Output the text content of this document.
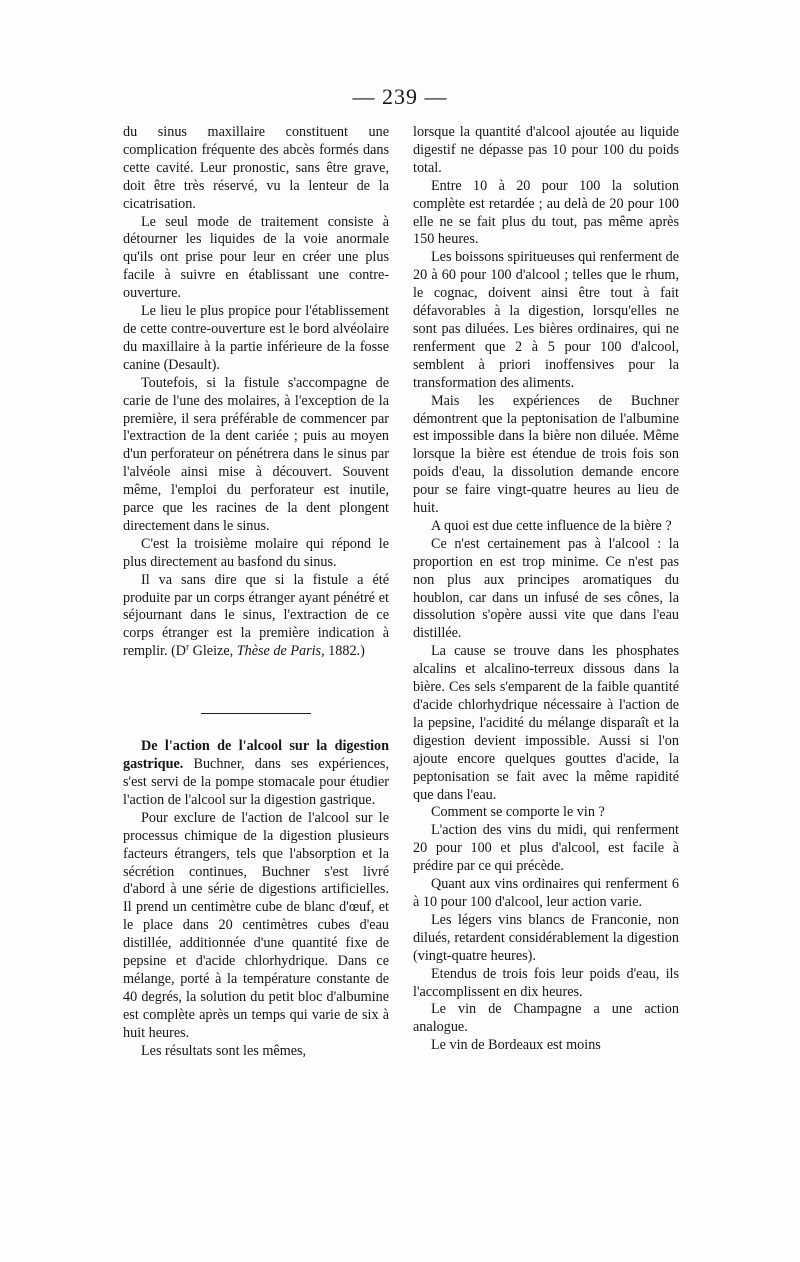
— 239 —

du sinus maxillaire constituent une complication fréquente des abcès formés dans cette cavité. Leur pronostic, sans être grave, doit être très réservé, vu la lenteur de la cicatrisation.

Le seul mode de traitement consiste à détourner les liquides de la voie anormale qu'ils ont prise pour leur en créer une plus facile à suivre en établissant une contre-ouverture.

Le lieu le plus propice pour l'établissement de cette contre-ouverture est le bord alvéolaire du maxillaire à la partie inférieure de la fosse canine (Desault).

Toutefois, si la fistule s'accompagne de carie de l'une des molaires, à l'exception de la première, il sera préférable de commencer par l'extraction de la dent cariée ; puis au moyen d'un perforateur on pénétrera dans le sinus par l'alvéole ainsi mise à découvert. Souvent même, l'emploi du perforateur est inutile, parce que les racines de la dent plongent directement dans le sinus.

C'est la troisième molaire qui répond le plus directement au basfond du sinus.

Il va sans dire que si la fistule a été produite par un corps étranger ayant pénétré et séjournant dans le sinus, l'extraction de ce corps étranger est la première indication à remplir. ($D^r$ Gleize, Thèse de Paris, 1882.)

De l'action de l'alcool sur la digestion gastrique. Buchner, dans ses expériences, s'est servi de la pompe stomacale pour étudier l'action de l'alcool sur la digestion gastrique.

Pour exclure de l'action de l'alcool sur le processus chimique de la digestion plusieurs facteurs étrangers, tels que l'absorption et la sécrétion continues, Buchner s'est livré d'abord à une série de digestions artificielles. Il prend un centimètre cube de blanc d'œuf, et le place dans 20 centimètres cubes d'eau distillée, additionnée d'une quantité fixe de pepsine et d'acide chlorhydrique. Dans ce mélange, porté à la température constante de 40 degrés, la solution du petit bloc d'albumine est complète après un temps qui varie de six à huit heures.

Les résultats sont les mêmes,

lorsque la quantité d'alcool ajoutée au liquide digestif ne dépasse pas 10 pour 100 du poids total.

Entre 10 à 20 pour 100 la solution complète est retardée ; au delà de 20 pour 100 elle ne se fait plus du tout, pas même après 150 heures.

Les boissons spiritueuses qui renferment de 20 à 60 pour 100 d'alcool ; telles que le rhum, le cognac, doivent ainsi être tout à fait défavorables à la digestion, lorsqu'elles ne sont pas diluées. Les bières ordinaires, qui ne renferment que 2 à 5 pour 100 d'alcool, semblent à priori inoffensives pour la transformation des aliments.

Mais les expériences de Buchner démontrent que la peptonisation de l'albumine est impossible dans la bière non diluée. Même lorsque la bière est étendue de trois fois son poids d'eau, la dissolution demande encore pour se faire vingt-quatre heures au lieu de huit.

A quoi est due cette influence de la bière ?

Ce n'est certainement pas à l'alcool : la proportion en est trop minime. Ce n'est pas non plus aux principes aromatiques du houblon, car dans un infusé de ses cônes, la dissolution s'opère aussi vite que dans l'eau distillée.

La cause se trouve dans les phosphates alcalins et alcalino-terreux dissous dans la bière. Ces sels s'emparent de la faible quantité d'acide chlorhydrique nécessaire à l'action de la pepsine, l'acidité du mélange disparaît et la digestion devient impossible. Aussi si l'on ajoute encore quelques gouttes d'acide, la peptonisation se fait avec la même rapidité que dans l'eau.

Comment se comporte le vin ?

L'action des vins du midi, qui renferment 20 pour 100 et plus d'alcool, est facile à prédire par ce qui précède.

Quant aux vins ordinaires qui renferment 6 à 10 pour 100 d'alcool, leur action varie.

Les légers vins blancs de Franconie, non dilués, retardent considérablement la digestion (vingt-quatre heures).

Etendus de trois fois leur poids d'eau, ils l'accomplissent en dix heures.

Le vin de Champagne a une action analogue.

Le vin de Bordeaux est moins
